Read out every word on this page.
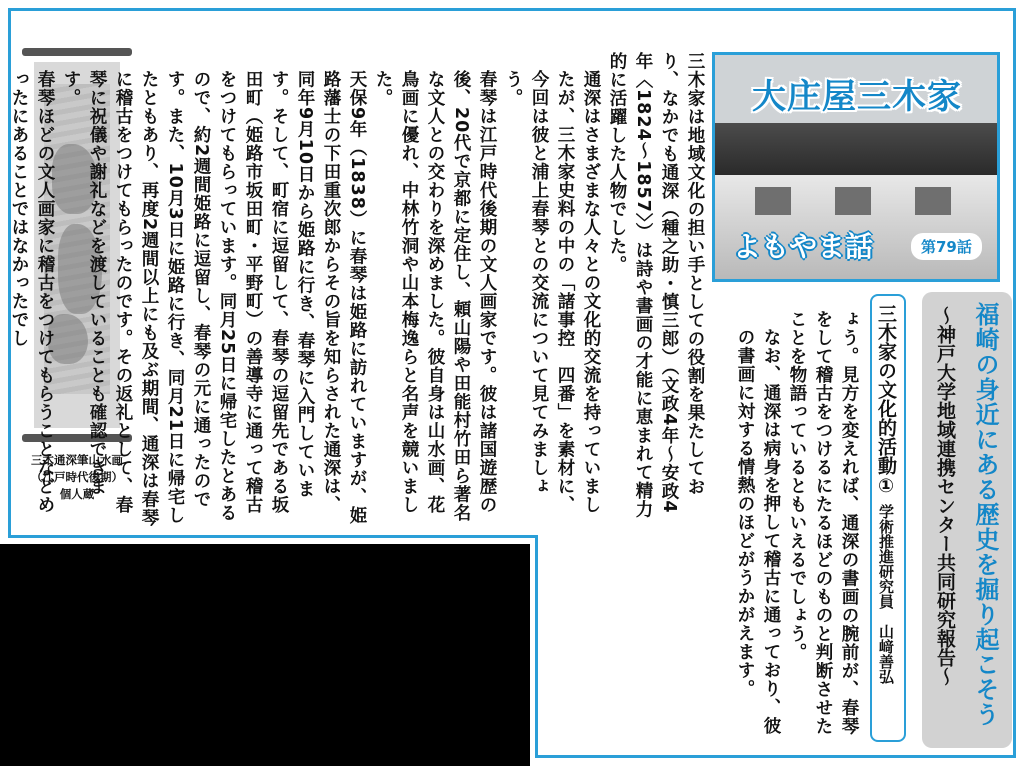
三木通深筆山水画
（江戸時代後期）
個人蔵	三木家は地域文化の担い手としての役割を果たしており、なかでも通深（種之助・慎三郎）（文政4年～安政4年〈1824～1857〉）は詩や書画の才能に恵まれて精力的に活躍した人物でした。

通深はさまざまな人々との文化的交流を持っていましたが、三木家史料の中の「諸事控　四番」を素材に、今回は彼と浦上春琴との交流について見てみましょう。

春琴は江戸時代後期の文人画家です。彼は諸国遊歴の後、20代で京都に定住し、頼山陽や田能村竹田ら著名な文人との交わりを深めました。彼自身は山水画、花鳥画に優れ、中林竹洞や山本梅逸らと名声を競いました。

天保9年（1838）に春琴は姫路に訪れていますが、姫路藩士の下田重次郎からその旨を知らされた通深は、同年9月10日から姫路に行き、春琴に入門しています。そして、町宿に逗留して、春琴の逗留先である坂田町（姫路市坂田町・平野町）の善導寺に通って稽古をつけてもらっています。同月25日に帰宅したとあるので、約2週間姫路に逗留し、春琴の元に通ったのです。また、10月3日に姫路に行き、同月21日に帰宅したともあり、再度2週間以上にも及ぶ期間、通深は春琴に稽古をつけてもらったのです。その返礼として、春琴に祝儀や謝礼などを渡していることも確認できます。

春琴ほどの文人画家に稽古をつけてもらうことなどめったにあることではなかったでし	大庄屋三木家
よもやま話	第79話
福崎の身近にある歴史を掘り起こそう
～神戸大学地域連携センター共同研究報告～
三木家の文化的活動①
学術推進研究員　山﨑善弘

ょう。見方を変えれば、通深の書画の腕前が、春琴をして稽古をつけるにたるほどのものと判断させたことを物語っているともいえるでしょう。

なお、通深は病身を押して稽古に通っており、彼の書画に対する情熱のほどがうかがえます。
